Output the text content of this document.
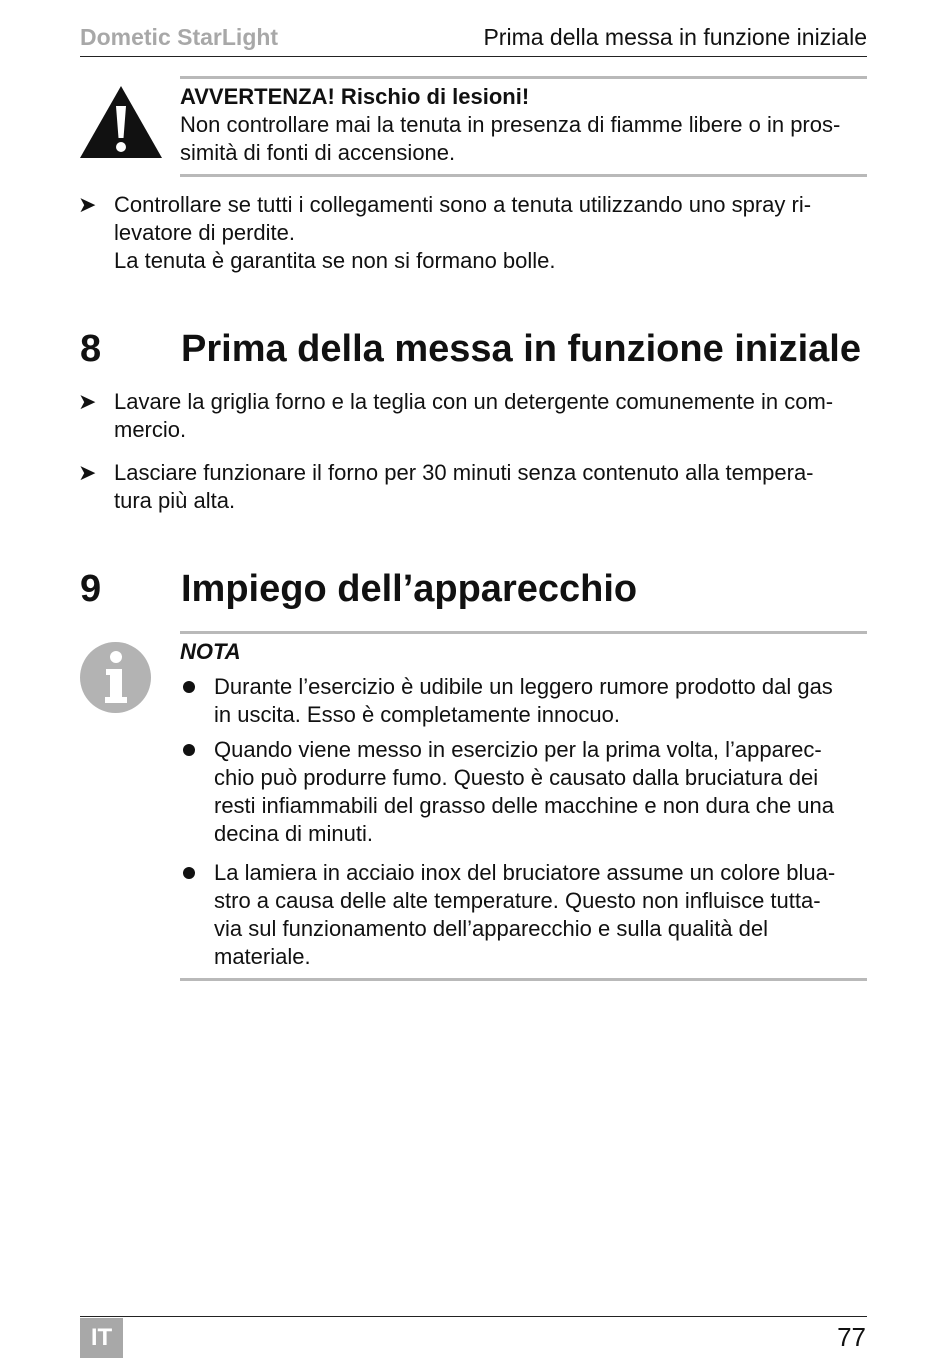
Dometic StarLight	Prima della messa in funzione iniziale
AVVERTENZA! Rischio di lesioni!
Non controllare mai la tenuta in presenza di fiamme libere o in pros-
simità di fonti di accensione.
➤ Controllare se tutti i collegamenti sono a tenuta utilizzando uno spray ri-
levatore di perdite.
La tenuta è garantita se non si formano bolle.
8 Prima della messa in funzione iniziale
➤ Lavare la griglia forno e la teglia con un detergente comunemente in com-
mercio.
➤ Lasciare funzionare il forno per 30 minuti senza contenuto alla tempera-
tura più alta.
9 Impiego dell’apparecchio
NOTA
Durante l’esercizio è udibile un leggero rumore prodotto dal gas
in uscita. Esso è completamente innocuo.
Quando viene messo in esercizio per la prima volta, l’apparec-
chio può produrre fumo. Questo è causato dalla bruciatura dei
resti infiammabili del grasso delle macchine e non dura che una
decina di minuti.
La lamiera in acciaio inox del bruciatore assume un colore blua-
stro a causa delle alte temperature. Questo non influisce tutta-
via sul funzionamento dell’apparecchio e sulla qualità del
materiale.
IT	77
